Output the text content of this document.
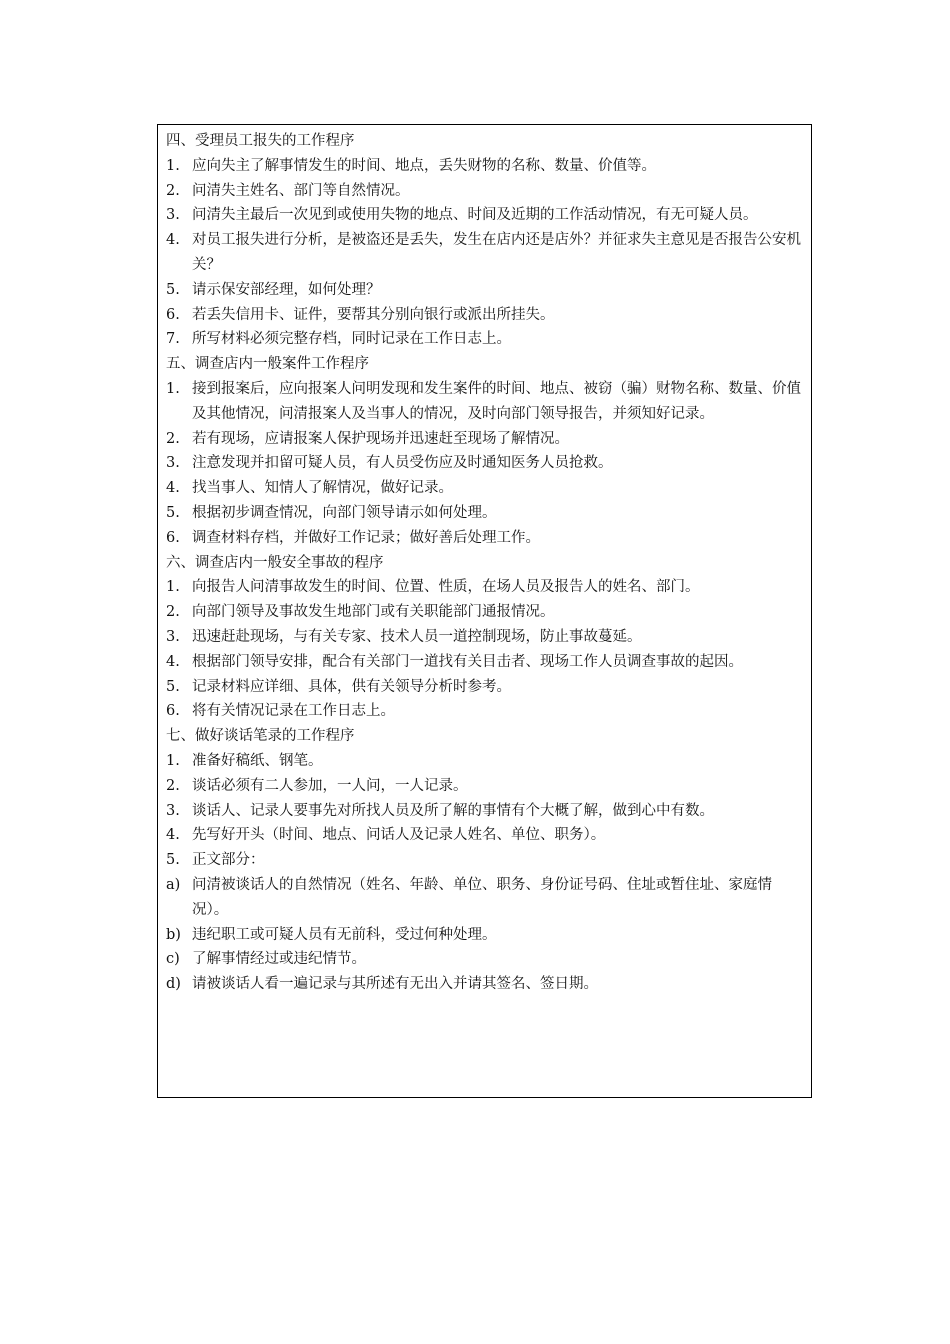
四、受理员工报失的工作程序
1. 应向失主了解事情发生的时间、地点，丢失财物的名称、数量、价值等。
2. 问清失主姓名、部门等自然情况。
3. 问清失主最后一次见到或使用失物的地点、时间及近期的工作活动情况，有无可疑人员。
4. 对员工报失进行分析，是被盗还是丢失，发生在店内还是店外？并征求失主意见是否报告公安机关？
5. 请示保安部经理，如何处理？
6. 若丢失信用卡、证件，要帮其分别向银行或派出所挂失。
7. 所写材料必须完整存档，同时记录在工作日志上。
五、调查店内一般案件工作程序
1. 接到报案后，应向报案人问明发现和发生案件的时间、地点、被窃（骗）财物名称、数量、价值及其他情况，问清报案人及当事人的情况，及时向部门领导报告，并须知好记录。
2. 若有现场，应请报案人保护现场并迅速赶至现场了解情况。
3. 注意发现并扣留可疑人员，有人员受伤应及时通知医务人员抢救。
4. 找当事人、知情人了解情况，做好记录。
5. 根据初步调查情况，向部门领导请示如何处理。
6. 调查材料存档，并做好工作记录；做好善后处理工作。
六、调查店内一般安全事故的程序
1. 向报告人问清事故发生的时间、位置、性质，在场人员及报告人的姓名、部门。
2. 向部门领导及事故发生地部门或有关职能部门通报情况。
3. 迅速赶赴现场，与有关专家、技术人员一道控制现场，防止事故蔓延。
4. 根据部门领导安排，配合有关部门一道找有关目击者、现场工作人员调查事故的起因。
5. 记录材料应详细、具体，供有关领导分析时参考。
6. 将有关情况记录在工作日志上。
七、做好谈话笔录的工作程序
1. 准备好稿纸、钢笔。
2. 谈话必须有二人参加，一人问，一人记录。
3. 谈话人、记录人要事先对所找人员及所了解的事情有个大概了解，做到心中有数。
4. 先写好开头（时间、地点、问话人及记录人姓名、单位、职务）。
5. 正文部分：
a) 问清被谈话人的自然情况（姓名、年龄、单位、职务、身份证号码、住址或暂住址、家庭情况）。
b) 违纪职工或可疑人员有无前科，受过何种处理。
c) 了解事情经过或违纪情节。
d) 请被谈话人看一遍记录与其所述有无出入并请其签名、签日期。
